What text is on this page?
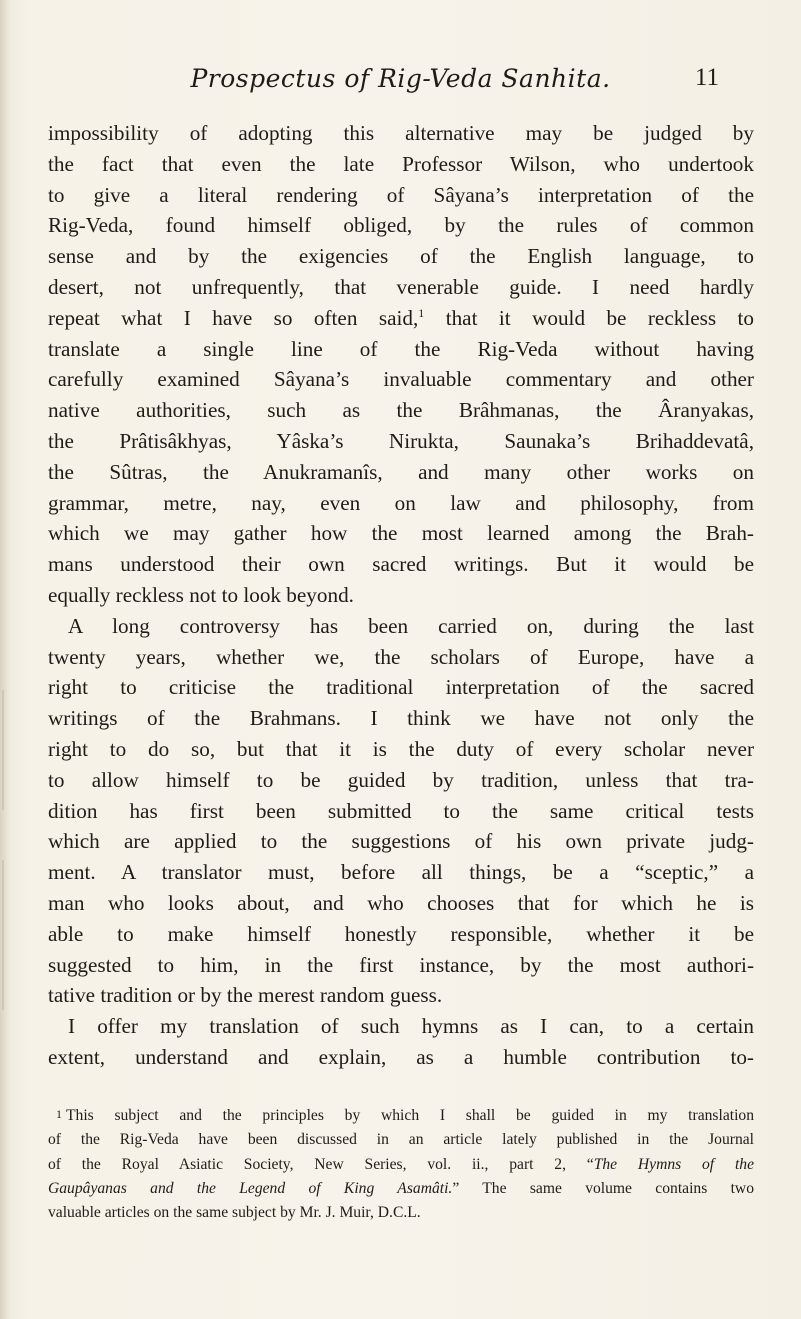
Prospectus of Rig-Veda Sanhita.	11
impossibility of adopting this alternative may be judged by
the fact that even the late Professor Wilson, who undertook
to give a literal rendering of Sâyana’s interpretation of the
Rig-Veda, found himself obliged, by the rules of common
sense and by the exigencies of the English language, to
desert, not unfrequently, that venerable guide. I need hardly
repeat what I have so often said,$^1$ that it would be reckless to
translate a single line of the Rig-Veda without having
carefully examined Sâyana’s invaluable commentary and other
native authorities, such as the Brâhmanas, the Âranyakas,
the Prâtisâkhyas, Yâska’s Nirukta, Saunaka’s Brihaddevatâ,
the Sûtras, the Anukramanîs, and many other works on
grammar, metre, nay, even on law and philosophy, from
which we may gather how the most learned among the Brah-
mans understood their own sacred writings. But it would be
equally reckless not to look beyond.
A long controversy has been carried on, during the last
twenty years, whether we, the scholars of Europe, have a
right to criticise the traditional interpretation of the sacred
writings of the Brahmans. I think we have not only the
right to do so, but that it is the duty of every scholar never
to allow himself to be guided by tradition, unless that tra-
dition has first been submitted to the same critical tests
which are applied to the suggestions of his own private judg-
ment. A translator must, before all things, be a “sceptic,” a
man who looks about, and who chooses that for which he is
able to make himself honestly responsible, whether it be
suggested to him, in the first instance, by the most authori-
tative tradition or by the merest random guess.
I offer my translation of such hymns as I can, to a certain
extent, understand and explain, as a humble contribution to-
1 This subject and the principles by which I shall be guided in my translation
of the Rig-Veda have been discussed in an article lately published in the Journal
of the Royal Asiatic Society, New Series, vol. ii., part 2, “The Hymns of the
Gaupâyanas and the Legend of King Asamâti.” The same volume contains two
valuable articles on the same subject by Mr. J. Muir, D.C.L.
